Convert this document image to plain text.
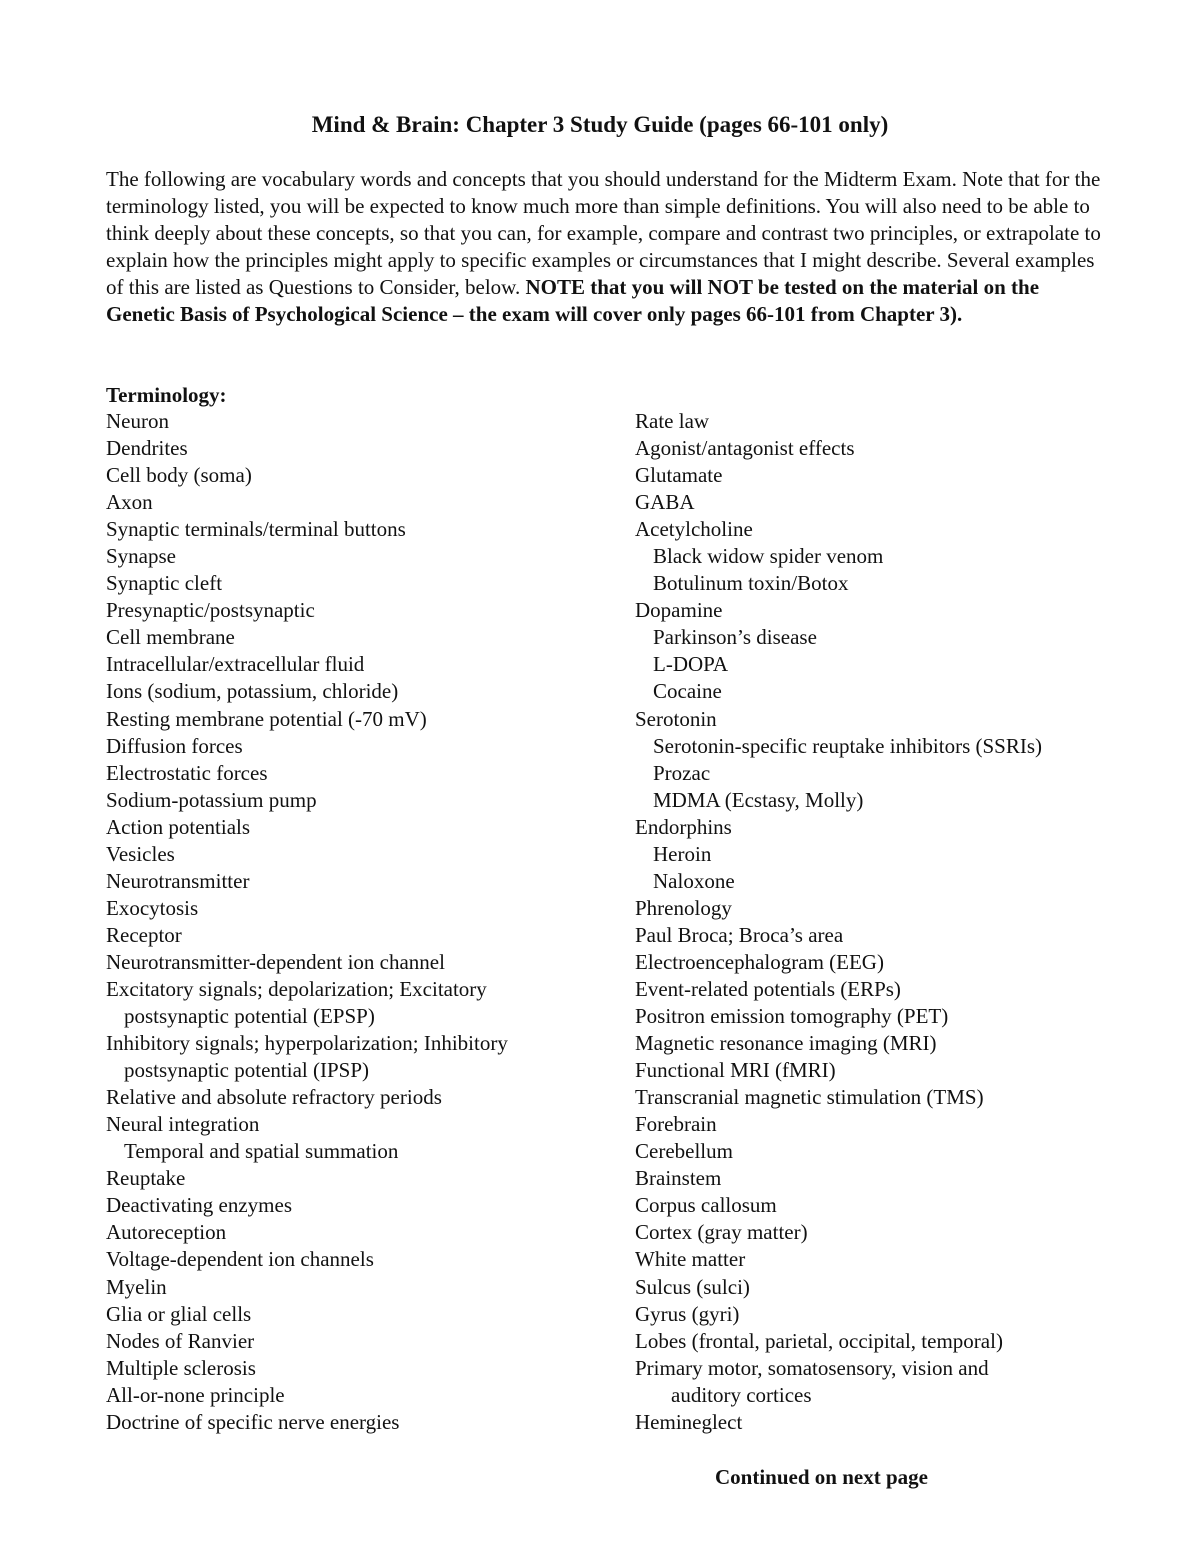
Mind & Brain: Chapter 3 Study Guide (pages 66-101 only)
The following are vocabulary words and concepts that you should understand for the Midterm Exam. Note that for the terminology listed, you will be expected to know much more than simple definitions. You will also need to be able to think deeply about these concepts, so that you can, for example, compare and contrast two principles, or extrapolate to explain how the principles might apply to specific examples or circumstances that I might describe. Several examples of this are listed as Questions to Consider, below. NOTE that you will NOT be tested on the material on the Genetic Basis of Psychological Science – the exam will cover only pages 66-101 from Chapter 3).
Terminology:
Neuron
Dendrites
Cell body (soma)
Axon
Synaptic terminals/terminal buttons
Synapse
Synaptic cleft
Presynaptic/postsynaptic
Cell membrane
Intracellular/extracellular fluid
Ions (sodium, potassium, chloride)
Resting membrane potential (-70 mV)
Diffusion forces
Electrostatic forces
Sodium-potassium pump
Action potentials
Vesicles
Neurotransmitter
Exocytosis
Receptor
Neurotransmitter-dependent ion channel
Excitatory signals; depolarization; Excitatory
postsynaptic potential (EPSP)
Inhibitory signals; hyperpolarization; Inhibitory
postsynaptic potential (IPSP)
Relative and absolute refractory periods
Neural integration
Temporal and spatial summation
Reuptake
Deactivating enzymes
Autoreception
Voltage-dependent ion channels
Myelin
Glia or glial cells
Nodes of Ranvier
Multiple sclerosis
All-or-none principle
Doctrine of specific nerve energies
Rate law
Agonist/antagonist effects
Glutamate
GABA
Acetylcholine
Black widow spider venom
Botulinum toxin/Botox
Dopamine
Parkinson’s disease
L-DOPA
Cocaine
Serotonin
Serotonin-specific reuptake inhibitors (SSRIs)
Prozac
MDMA (Ecstasy, Molly)
Endorphins
Heroin
Naloxone
Phrenology
Paul Broca; Broca’s area
Electroencephalogram (EEG)
Event-related potentials (ERPs)
Positron emission tomography (PET)
Magnetic resonance imaging (MRI)
Functional MRI (fMRI)
Transcranial magnetic stimulation (TMS)
Forebrain
Cerebellum
Brainstem
Corpus callosum
Cortex (gray matter)
White matter
Sulcus (sulci)
Gyrus (gyri)
Lobes (frontal, parietal, occipital, temporal)
Primary motor, somatosensory, vision and
auditory cortices
Hemineglect
Continued on next page
